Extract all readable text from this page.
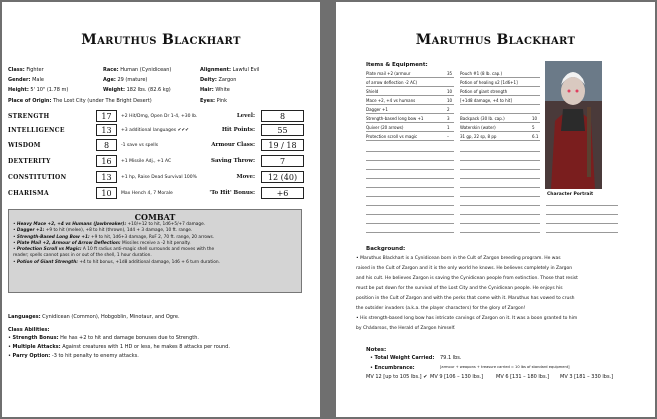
Maruthus Blackhart
Class: Fighter
Gender: Male
Height: 5' 10" (1.78 m)
Race: Human (Cynidicean)
Age: 29 (mature)
Weight: 182 lbs. (82.6 kg)
Alignment: Lawful Evil
Deity: Zargon
Hair: White
Eyes: Pink
Place of Origin: The Lost City (under The Bright Desert)
STRENGTH	17	+2 Hit/Dmg, Open Dr 1-4, +30 lb.	Level:	8
INTELLIGENCE	13	+3 additional languages ✔✔✔	Hit Points:	55
WISDOM	8	-1 save vs spells	Armour Class:	19 / 18
DEXTERITY	16	+1 Missile Adj., +1 AC	Saving Throw:	7
CONSTITUTION	13	+1 hp, Raise Dead Survival 100%	Move:	12 (40)
CHARISMA	10	Max Hench 4, 7 Morale	'To Hit' Bonus:	+6
COMBAT
• Heavy Mace +2, +4 vs Humans (Jawbreaker): +10/+12 to hit, 1d6+5/+7 damage.
• Dagger +1: +9 to hit (melee), +8 to hit (thrown), 1d4 + 3 damage, 10 ft. range.
• Strength-Based Long Bow +1: +9 to hit, 1d6+3 damage, RoF 2, 70 ft. range, 20 arrows.
• Plate Mail +2, Armour of Arrow Deflection: Missiles receive a -2 hit penalty.
• Protection Scroll vs Magic: A 10 ft radius anti-magic shell surrounds and moves with the
reader; spells cannot pass in or out of the shell, 1 hour duration.
• Potion of Giant Strength: +4 to hit bonus, +1d8 additional damage, 1d6 + 6 turn duration.
Languages: Cynidicean (Common), Hobgoblin, Minotaur, and Ogre.
Class Abilities:
• Strength Bonus: He has +2 to hit and damage bonuses due to Strength.
• Multiple Attacks: Against creatures with 1 HD or less, he makes 8 attacks per round.
• Parry Option: -3 to hit penalty to enemy attacks.
Maruthus Blackhart
Items & Equipment:
Plate mail +2 (armour	35
of arrow deflection -2 AC)
Shield	10
Mace +2, +4 vs humans	10
Dagger +1	2
Strength-based long bow +1	3
Quiver (20 arrows)	1
Protection scroll vs magic	–
Pouch #1 (8 lb. cap.)
Potion of healing x2 [1d6+1]
Potion of giant strength
[+1d8 damage, +4 to hit]
Backpack (30 lb. cap.)	10
Waterskin (water)	5
31 gp, 22 sp, 8 pp	6.1
Character Portrait
Background:
• Maruthus Blackhart is a Cynidicean born in the Cult of Zargon breeding program. He was
raised in the Cult of Zargon and it is the only world he knows. He believes completely in Zargon
and his cult. He believes Zargon is saving the Cynidicean people from extinction. Those that resist
must be put down for the survival of the Lost City and the Cynidicean people. He enjoys his
position in the Cult of Zargon and with the perks that come with it. Maruthus has vowed to crush
the outsider invaders (a.k.a. the player characters) for the glory of Zargon!
• His strength-based long bow has intricate carvings of Zargon on it. It was a boon granted to him
by Chádarsos, the Herald of Zargon himself.
Notes:
• Total Weight Carried: 79.1 lbs.
• Encumbrance:	[armour + weapons + treasure carried = 10 lbs of standard equipment]
MV 12 [up to 105 lbs.] ✔ MV 9 [106 – 130 lbs.]	MV 6 [131 – 180 lbs.] MV 3 [181 – 330 lbs.]
